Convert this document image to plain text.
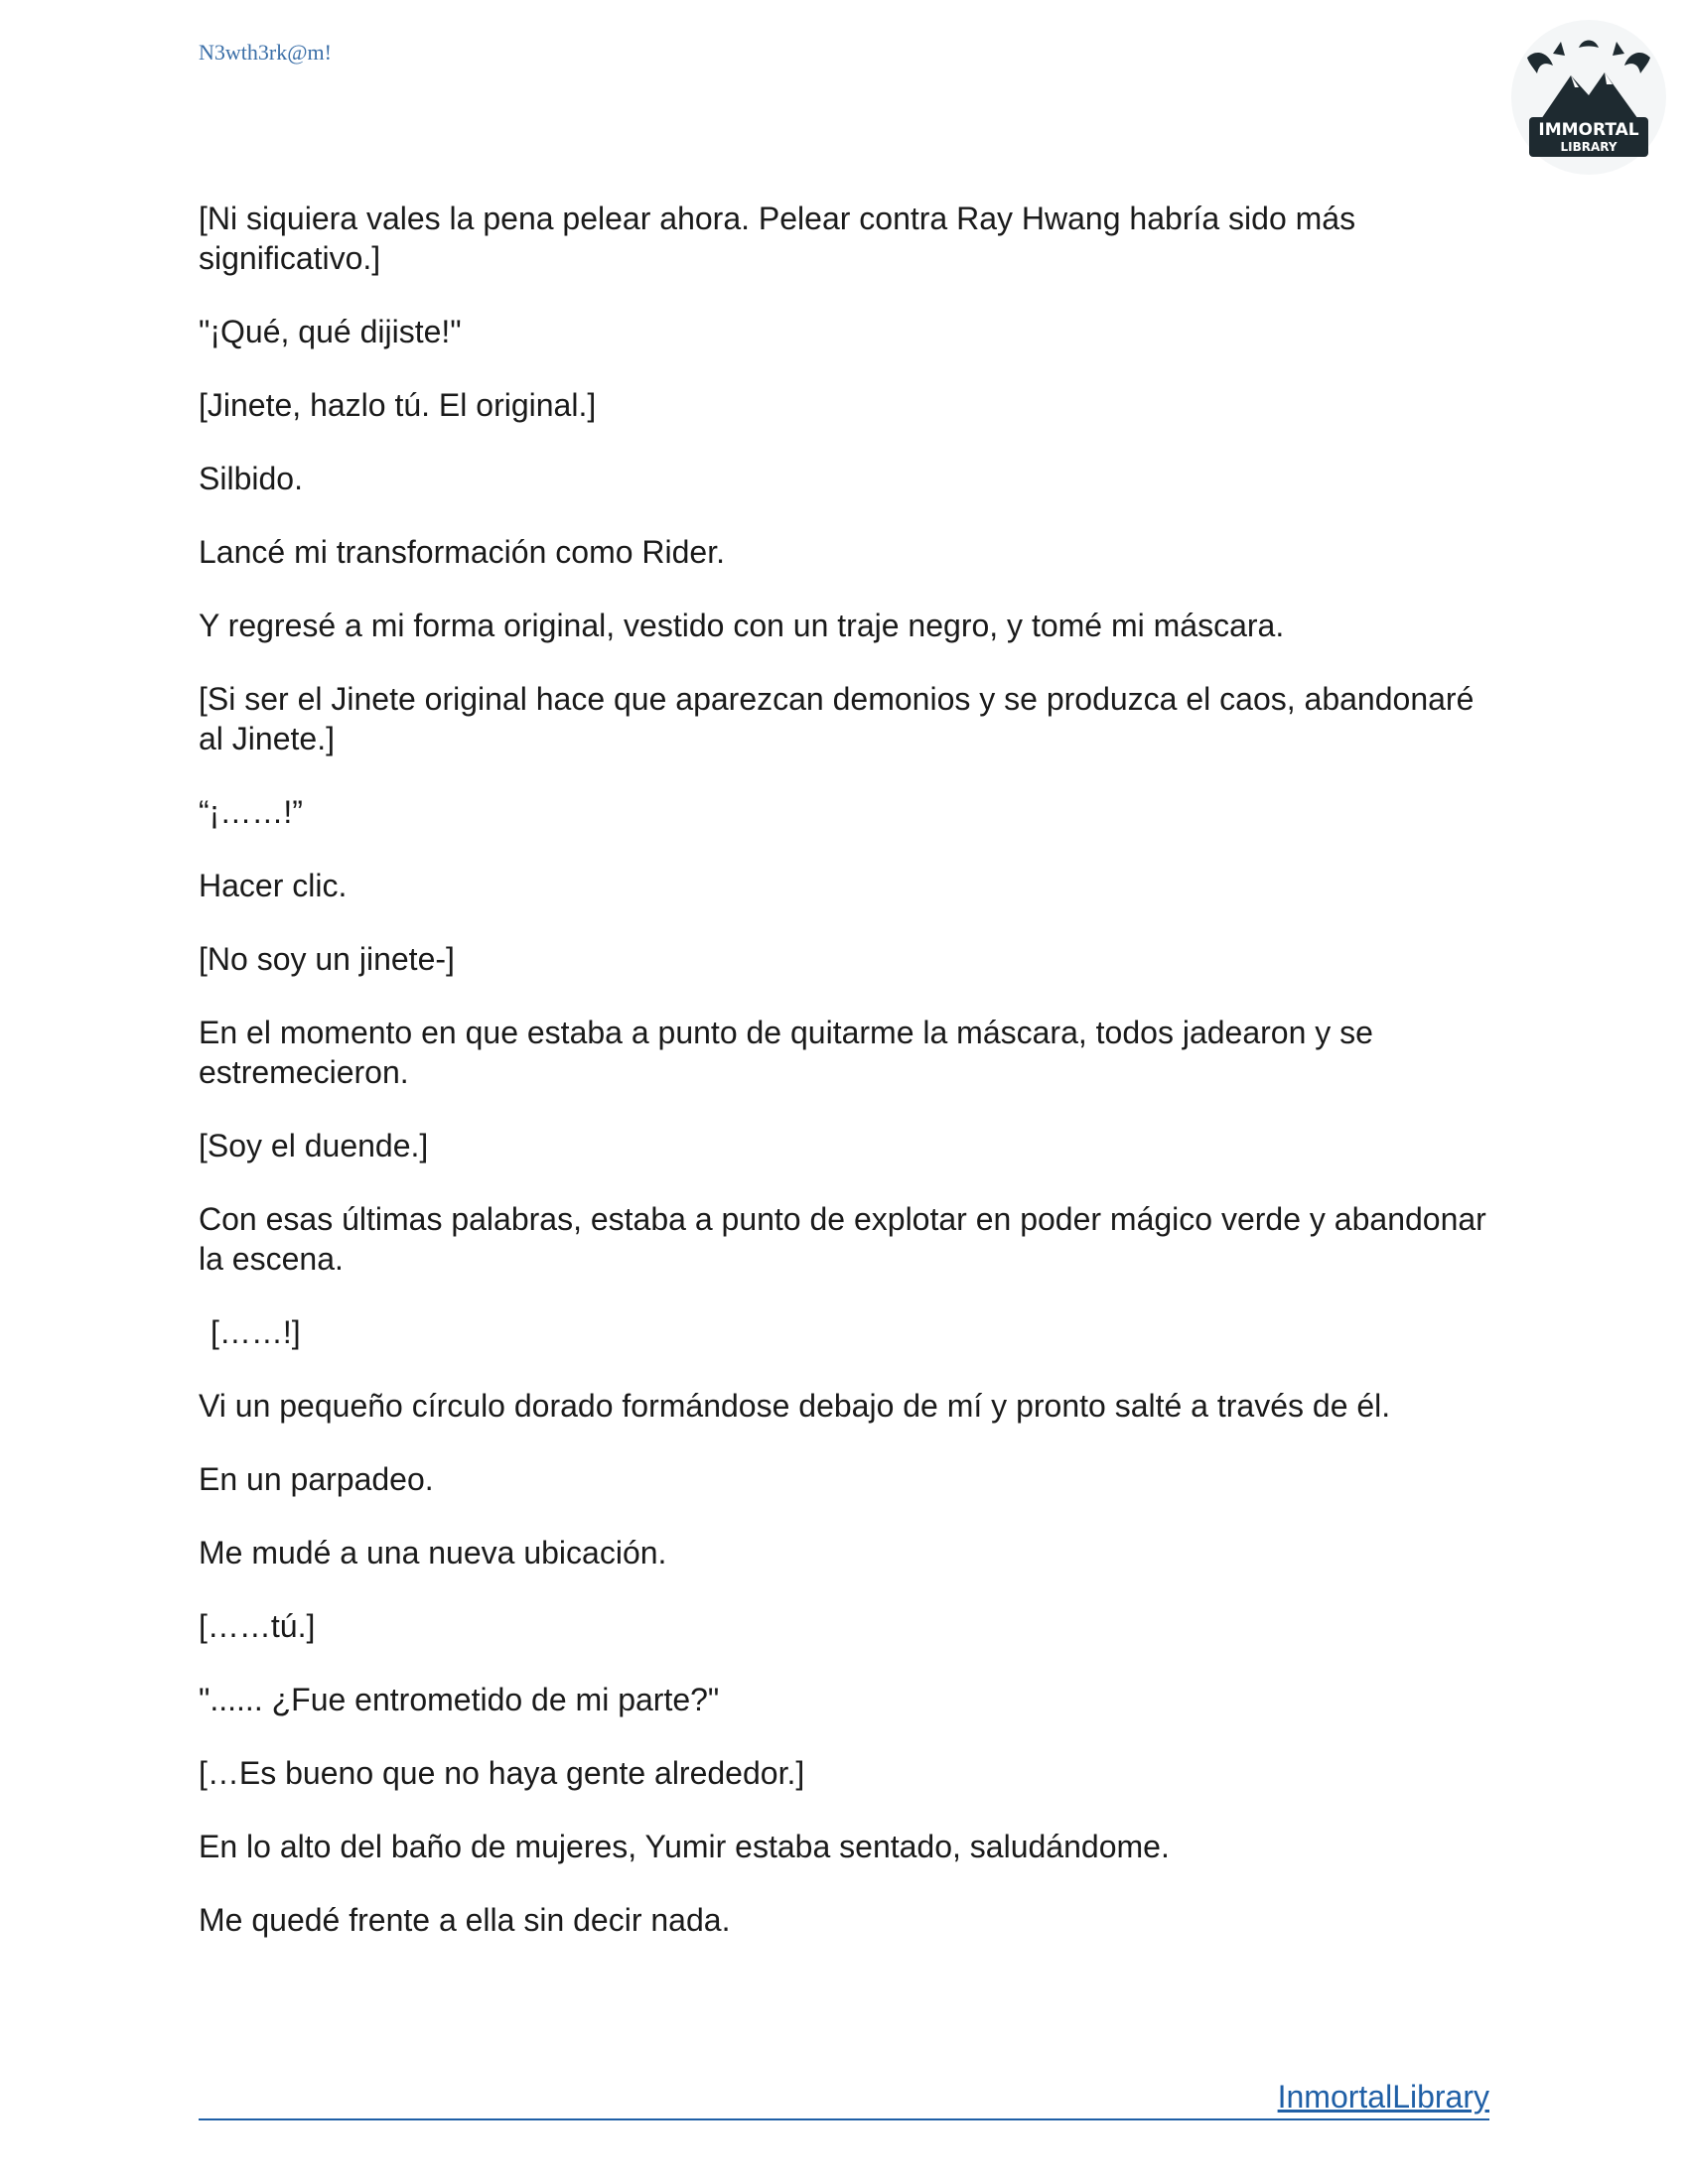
N3wth3rk@m!
IMMORTAL
LIBRARY

[Ni siquiera vales la pena pelear ahora. Pelear contra Ray Hwang habría sido más significativo.]

"¡Qué, qué dijiste!"

[Jinete, hazlo tú. El original.]

Silbido.

Lancé mi transformación como Rider.

Y regresé a mi forma original, vestido con un traje negro, y tomé mi máscara.

[Si ser el Jinete original hace que aparezcan demonios y se produzca el caos, abandonaré al Jinete.]

“¡……!”

Hacer clic.

[No soy un jinete-]

En el momento en que estaba a punto de quitarme la máscara, todos jadearon y se estremecieron.

[Soy el duende.]

Con esas últimas palabras, estaba a punto de explotar en poder mágico verde y abandonar la escena.

[……!]

Vi un pequeño círculo dorado formándose debajo de mí y pronto salté a través de él.

En un parpadeo.

Me mudé a una nueva ubicación.

[……tú.]

"...... ¿Fue entrometido de mi parte?"

[…Es bueno que no haya gente alrededor.]

En lo alto del baño de mujeres, Yumir estaba sentado, saludándome.

Me quedé frente a ella sin decir nada.

InmortalLibrary
